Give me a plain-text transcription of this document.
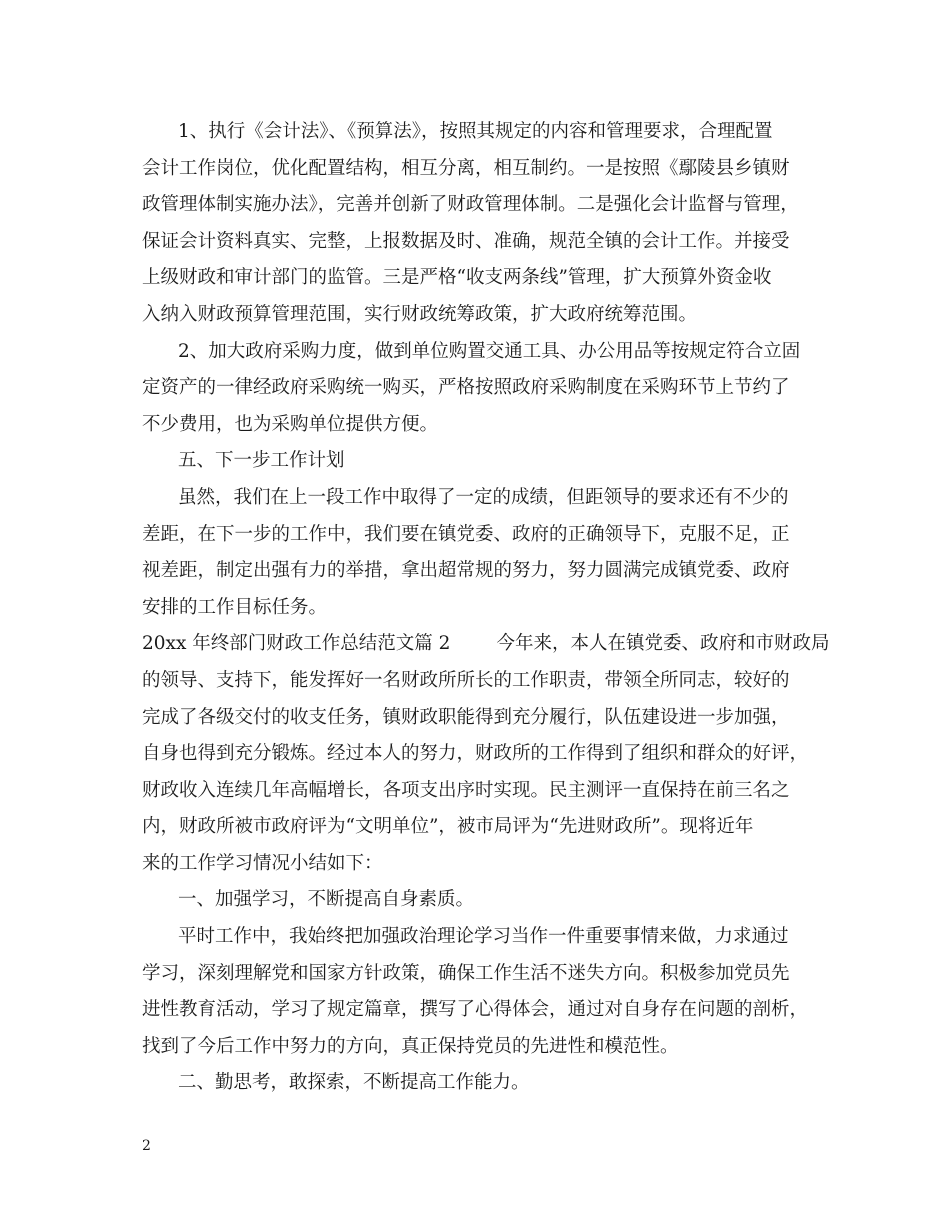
1、执行《会计法》、《预算法》，按照其规定的内容和管理要求，合理配置
会计工作岗位，优化配置结构，相互分离，相互制约。一是按照《鄢陵县乡镇财
政管理体制实施办法》，完善并创新了财政管理体制。二是强化会计监督与管理，
保证会计资料真实、完整，上报数据及时、准确，规范全镇的会计工作。并接受
上级财政和审计部门的监管。三是严格“收支两条线”管理，扩大预算外资金收
入纳入财政预算管理范围，实行财政统筹政策，扩大政府统筹范围。
2、加大政府采购力度，做到单位购置交通工具、办公用品等按规定符合立固
定资产的一律经政府采购统一购买，严格按照政府采购制度在采购环节上节约了
不少费用，也为采购单位提供方便。
五、下一步工作计划
虽然，我们在上一段工作中取得了一定的成绩，但距领导的要求还有不少的
差距，在下一步的工作中，我们要在镇党委、政府的正确领导下，克服不足，正
视差距，制定出强有力的举措，拿出超常规的努力，努力圆满完成镇党委、政府
安排的工作目标任务。
20xx 年终部门财政工作总结范文篇 2 今年来，本人在镇党委、政府和市财政局
的领导、支持下，能发挥好一名财政所所长的工作职责，带领全所同志，较好的
完成了各级交付的收支任务，镇财政职能得到充分履行，队伍建设进一步加强，
自身也得到充分锻炼。经过本人的努力，财政所的工作得到了组织和群众的好评，
财政收入连续几年高幅增长，各项支出序时实现。民主测评一直保持在前三名之
内，财政所被市政府评为“文明单位”，被市局评为“先进财政所”。现将近年
来的工作学习情况小结如下：
一、加强学习，不断提高自身素质。
平时工作中，我始终把加强政治理论学习当作一件重要事情来做，力求通过
学习，深刻理解党和国家方针政策，确保工作生活不迷失方向。积极参加党员先
进性教育活动，学习了规定篇章，撰写了心得体会，通过对自身存在问题的剖析，
找到了今后工作中努力的方向，真正保持党员的先进性和模范性。
二、勤思考，敢探索，不断提高工作能力。
2
